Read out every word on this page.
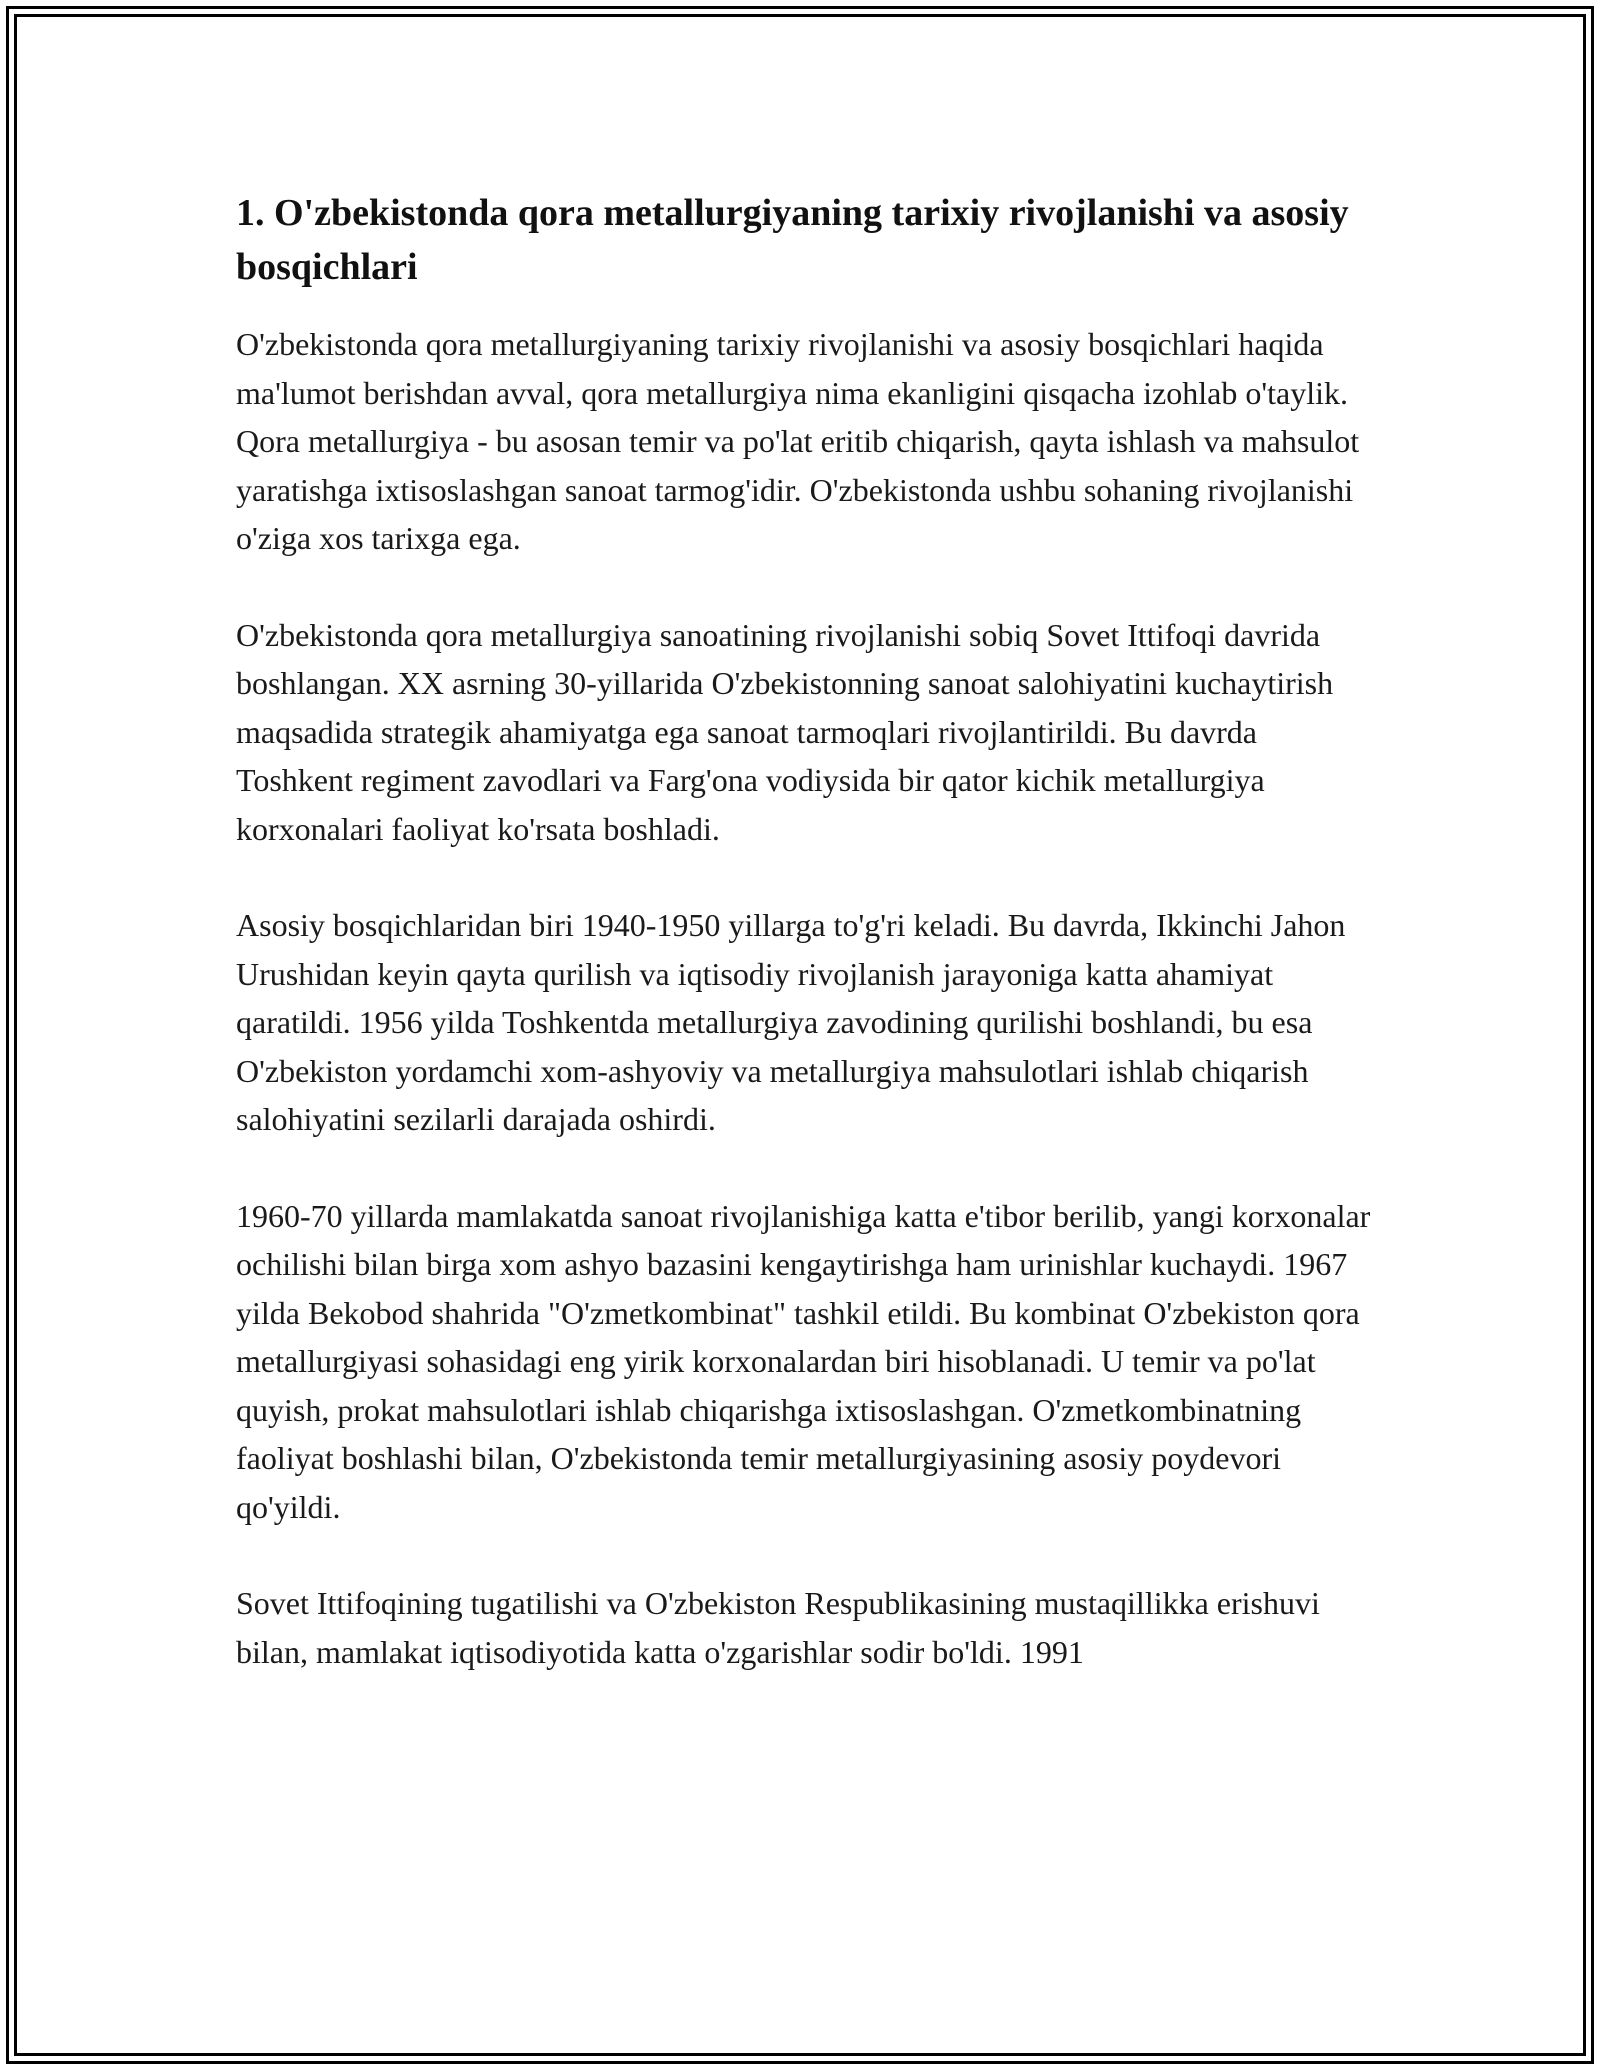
1. O'zbekistonda qora metallurgiyaning tarixiy rivojlanishi va asosiy bosqichlari

O'zbekistonda qora metallurgiyaning tarixiy rivojlanishi va asosiy bosqichlari haqida ma'lumot berishdan avval, qora metallurgiya nima ekanligini qisqacha izohlab o'taylik. Qora metallurgiya - bu asosan temir va po'lat eritib chiqarish, qayta ishlash va mahsulot yaratishga ixtisoslashgan sanoat tarmog'idir. O'zbekistonda ushbu sohaning rivojlanishi o'ziga xos tarixga ega.

O'zbekistonda qora metallurgiya sanoatining rivojlanishi sobiq Sovet Ittifoqi davrida boshlangan. XX asrning 30-yillarida O'zbekistonning sanoat salohiyatini kuchaytirish maqsadida strategik ahamiyatga ega sanoat tarmoqlari rivojlantirildi. Bu davrda Toshkent regiment zavodlari va Farg'ona vodiysida bir qator kichik metallurgiya korxonalari faoliyat ko'rsata boshladi.

Asosiy bosqichlaridan biri 1940-1950 yillarga to'g'ri keladi. Bu davrda, Ikkinchi Jahon Urushidan keyin qayta qurilish va iqtisodiy rivojlanish jarayoniga katta ahamiyat qaratildi. 1956 yilda Toshkentda metallurgiya zavodining qurilishi boshlandi, bu esa O'zbekiston yordamchi xom-ashyoviy va metallurgiya mahsulotlari ishlab chiqarish salohiyatini sezilarli darajada oshirdi.

1960-70 yillarda mamlakatda sanoat rivojlanishiga katta e'tibor berilib, yangi korxonalar ochilishi bilan birga xom ashyo bazasini kengaytirishga ham urinishlar kuchaydi. 1967 yilda Bekobod shahrida "O'zmetkombinat" tashkil etildi. Bu kombinat O'zbekiston qora metallurgiyasi sohasidagi eng yirik korxonalardan biri hisoblanadi. U temir va po'lat quyish, prokat mahsulotlari ishlab chiqarishga ixtisoslashgan. O'zmetkombinatning faoliyat boshlashi bilan, O'zbekistonda temir metallurgiyasining asosiy poydevori qo'yildi.

Sovet Ittifoqining tugatilishi va O'zbekiston Respublikasining mustaqillikka erishuvi bilan, mamlakat iqtisodiyotida katta o'zgarishlar sodir bo'ldi. 1991
